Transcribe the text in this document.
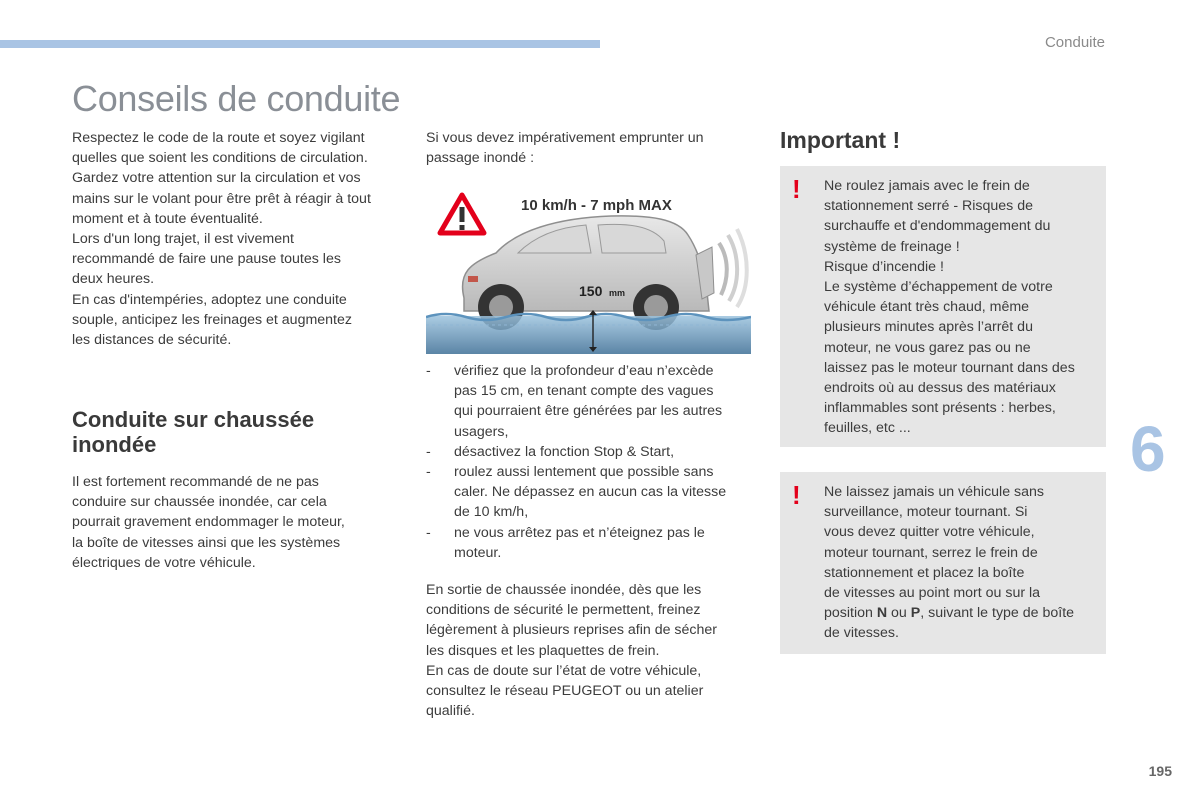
Conduite
Conseils de conduite
Respectez le code de la route et soyez vigilant
quelles que soient les conditions de circulation.
Gardez votre attention sur la circulation et vos
mains sur le volant pour être prêt à réagir à tout
moment et à toute éventualité.
Lors d'un long trajet, il est vivement
recommandé de faire une pause toutes les
deux heures.
En cas d'intempéries, adoptez une conduite
souple, anticipez les freinages et augmentez
les distances de sécurité.
Conduite sur chaussée inondée
Il est fortement recommandé de ne pas
conduire sur chaussée inondée, car cela
pourrait gravement endommager le moteur,
la boîte de vitesses ainsi que les systèmes
électriques de votre véhicule.
Si vous devez impérativement emprunter un
passage inondé :
10 km/h - 7 mph MAX
150 mm
- vérifiez que la profondeur d’eau n’excède
pas 15 cm, en tenant compte des vagues
qui pourraient être générées par les autres
usagers,
- désactivez la fonction Stop & Start,
- roulez aussi lentement que possible sans
caler. Ne dépassez en aucun cas la vitesse
de 10 km/h,
- ne vous arrêtez pas et n’éteignez pas le
moteur.
En sortie de chaussée inondée, dès que les
conditions de sécurité le permettent, freinez
légèrement à plusieurs reprises afin de sécher
les disques et les plaquettes de frein.
En cas de doute sur l’état de votre véhicule,
consultez le réseau PEUGEOT ou un atelier
qualifié.
Important !
! Ne roulez jamais avec le frein de
stationnement serré - Risques de
surchauffe et d'endommagement du
système de freinage !
Risque d’incendie !
Le système d’échappement de votre
véhicule étant très chaud, même
plusieurs minutes après l’arrêt du
moteur, ne vous garez pas ou ne
laissez pas le moteur tournant dans des
endroits où au dessus des matériaux
inflammables sont présents : herbes,
feuilles, etc ...
! Ne laissez jamais un véhicule sans
surveillance, moteur tournant. Si
vous devez quitter votre véhicule,
moteur tournant, serrez le frein de
stationnement et placez la boîte
de vitesses au point mort ou sur la
position N ou P, suivant le type de boîte
de vitesses.
6
195
